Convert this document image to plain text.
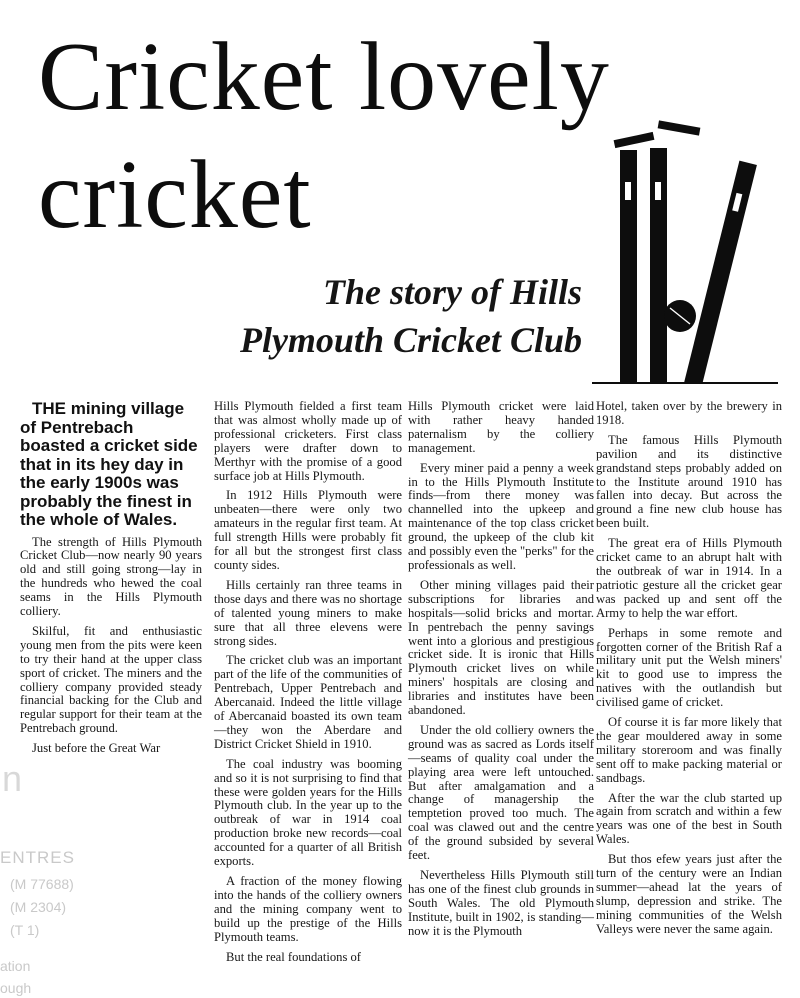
Cricket lovely
cricket
The story of Hills
Plymouth Cricket Club

THE mining village of Pentrebach boasted a cricket side that in its hey day in the early 1900s was probably the finest in the whole of Wales.

The strength of Hills Plymouth Cricket Club—now nearly 90 years old and still going strong—lay in the hundreds who hewed the coal seams in the Hills Plymouth colliery.

Skilful, fit and enthusiastic young men from the pits were keen to try their hand at the upper class sport of cricket. The miners and the colliery company provided steady financial backing for the Club and regular support for their team at the Pentrebach ground.

Just before the Great War

Hills Plymouth fielded a first team that was almost wholly made up of professional cricketers. First class players were drafter down to Merthyr with the promise of a good surface job at Hills Plymouth.

In 1912 Hills Plymouth were unbeaten—there were only two amateurs in the regular first team. At full strength Hills were probably fit for all but the strongest first class county sides.

Hills certainly ran three teams in those days and there was no shortage of talented young miners to make sure that all three elevens were strong sides.

The cricket club was an important part of the life of the communities of Pentrebach, Upper Pentrebach and Abercanaid. Indeed the little village of Abercanaid boasted its own team—they won the Aberdare and District Cricket Shield in 1910.

The coal industry was booming and so it is not surprising to find that these were golden years for the Hills Plymouth club. In the year up to the outbreak of war in 1914 coal production broke new records—coal accounted for a quarter of all British exports.

A fraction of the money flowing into the hands of the colliery owners and the mining company went to build up the prestige of the Hills Plymouth teams.

But the real foundations of

Hills Plymouth cricket were laid with rather heavy handed paternalism by the colliery management.

Every miner paid a penny a week in to the Hills Plymouth Institute finds—from there money was channelled into the upkeep and maintenance of the top class cricket ground, the upkeep of the club kit and possibly even the "perks" for the professionals as well.

Other mining villages paid their subscriptions for libraries and hospitals—solid bricks and mortar. In pentrebach the penny savings went into a glorious and prestigious cricket side. It is ironic that Hills Plymouth cricket lives on while miners' hospitals are closing and libraries and institutes have been abandoned.

Under the old colliery owners the ground was as sacred as Lords itself—seams of quality coal under the playing area were left untouched. But after amalgamation and a change of managership the temptetion proved too much. The coal was clawed out and the centre of the ground subsided by several feet.

Nevertheless Hills Plymouth still has one of the finest club grounds in South Wales. The old Plymouth Institute, built in 1902, is standing—now it is the Plymouth

Hotel, taken over by the brewery in 1918.

The famous Hills Plymouth pavilion and its distinctive grandstand steps probably added on to the Institute around 1910 has fallen into decay. But across the ground a fine new club house has been built.

The great era of Hills Plymouth cricket came to an abrupt halt with the outbreak of war in 1914. In a patriotic gesture all the cricket gear was packed up and sent off the Army to help the war effort.

Perhaps in some remote and forgotten corner of the British Raf a military unit put the Welsh miners' kit to good use to impress the natives with the outlandish but civilised game of cricket.

Of course it is far more likely that the gear mouldered away in some military storeroom and was finally sent off to make packing material or sandbags.

After the war the club started up again from scratch and within a few years was one of the best in South Wales.

But thos efew years just after the turn of the century were an Indian summer—ahead lat the years of slump, depression and strike. The mining communities of the Welsh Valleys were never the same again.

n
ENTRES
(M 77688)
(M 2304)
(T 1)
ation
ough
